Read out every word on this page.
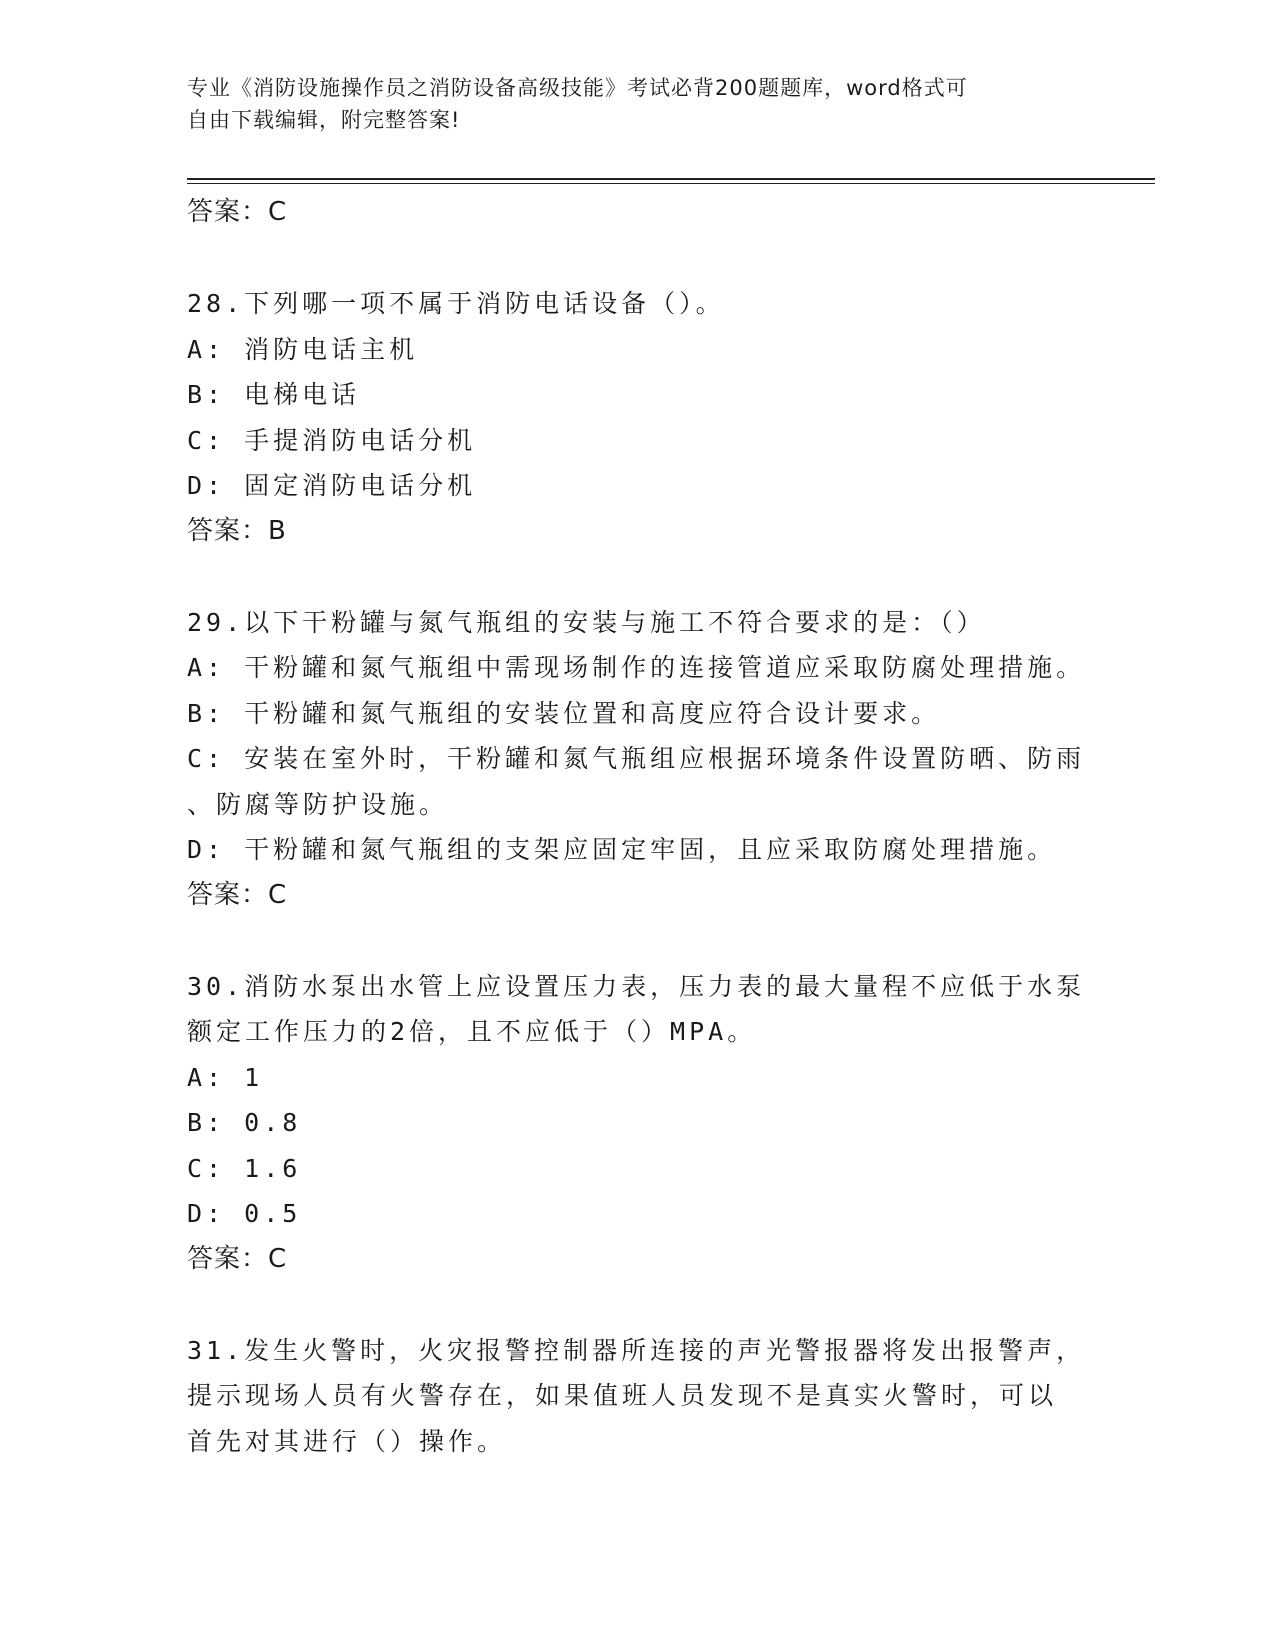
专业《消防设施操作员之消防设备高级技能》考试必背200题题库，word格式可
自由下载编辑，附完整答案!
答案：C
28.下列哪一项不属于消防电话设备（）。
A: 消防电话主机
B: 电梯电话
C: 手提消防电话分机
D: 固定消防电话分机
答案：B
29.以下干粉罐与氮气瓶组的安装与施工不符合要求的是：（）
A: 干粉罐和氮气瓶组中需现场制作的连接管道应采取防腐处理措施。
B: 干粉罐和氮气瓶组的安装位置和高度应符合设计要求。
C: 安装在室外时，干粉罐和氮气瓶组应根据环境条件设置防晒、防雨
、防腐等防护设施。
D: 干粉罐和氮气瓶组的支架应固定牢固，且应采取防腐处理措施。
答案：C
30.消防水泵出水管上应设置压力表，压力表的最大量程不应低于水泵
额定工作压力的2倍，且不应低于（）MPA。
A: 1
B: 0.8
C: 1.6
D: 0.5
答案：C
31.发生火警时，火灾报警控制器所连接的声光警报器将发出报警声，
提示现场人员有火警存在，如果值班人员发现不是真实火警时，可以
首先对其进行（）操作。
